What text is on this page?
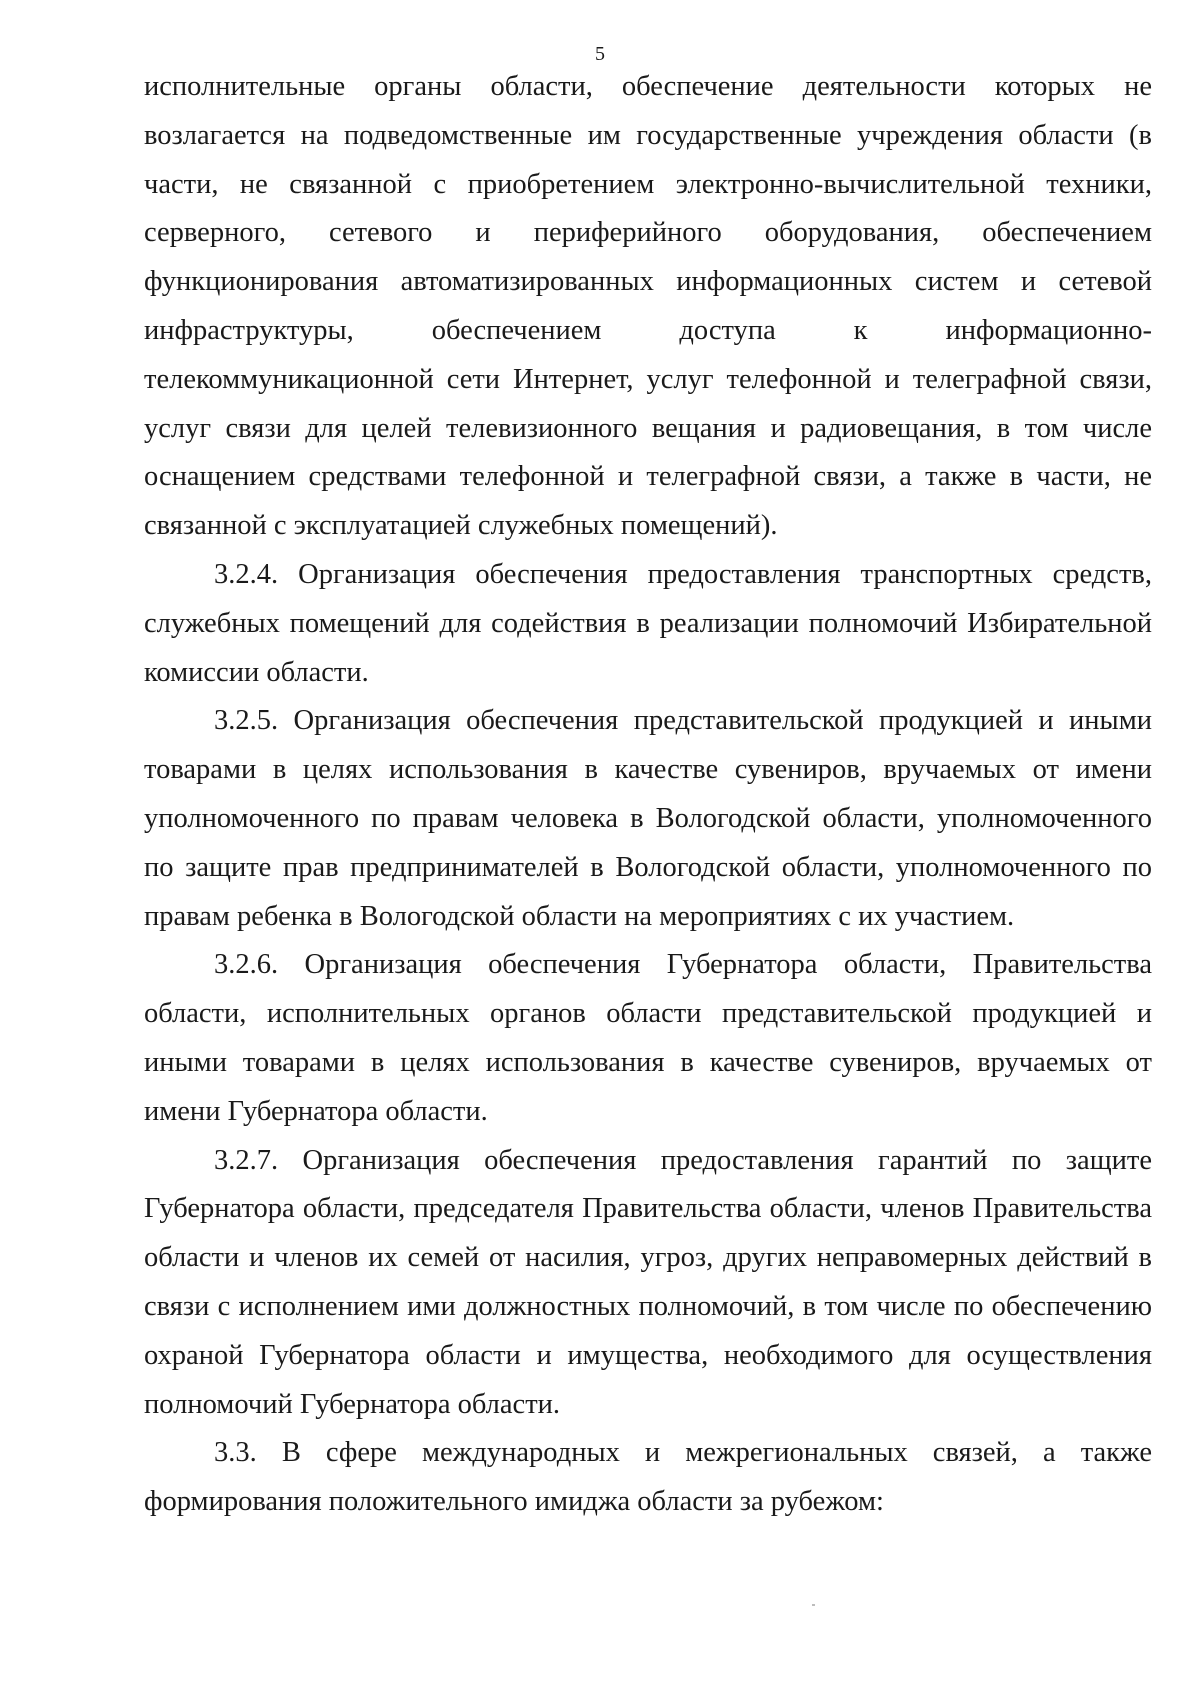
5

исполнительные органы области, обеспечение деятельности которых не возлагается на подведомственные им государственные учреждения области (в части, не связанной с приобретением электронно-вычислительной техники, серверного, сетевого и периферийного оборудования, обеспечением функционирования автоматизированных информационных систем и сетевой инфраструктуры, обеспечением доступа к информационно-телекоммуникационной сети Интернет, услуг телефонной и телеграфной связи, услуг связи для целей телевизионного вещания и радиовещания, в том числе оснащением средствами телефонной и телеграфной связи, а также в части, не связанной с эксплуатацией служебных помещений).

3.2.4. Организация обеспечения предоставления транспортных средств, служебных помещений для содействия в реализации полномочий Избирательной комиссии области.

3.2.5. Организация обеспечения представительской продукцией и иными товарами в целях использования в качестве сувениров, вручаемых от имени уполномоченного по правам человека в Вологодской области, уполномоченного по защите прав предпринимателей в Вологодской области, уполномоченного по правам ребенка в Вологодской области на мероприятиях с их участием.

3.2.6. Организация обеспечения Губернатора области, Правительства области, исполнительных органов области представительской продукцией и иными товарами в целях использования в качестве сувениров, вручаемых от имени Губернатора области.

3.2.7. Организация обеспечения предоставления гарантий по защите Губернатора области, председателя Правительства области, членов Правительства области и членов их семей от насилия, угроз, других неправомерных действий в связи с исполнением ими должностных полномочий, в том числе по обеспечению охраной Губернатора области и имущества, необходимого для осуществления полномочий Губернатора области.

3.3. В сфере международных и межрегиональных связей, а также формирования положительного имиджа области за рубежом:
